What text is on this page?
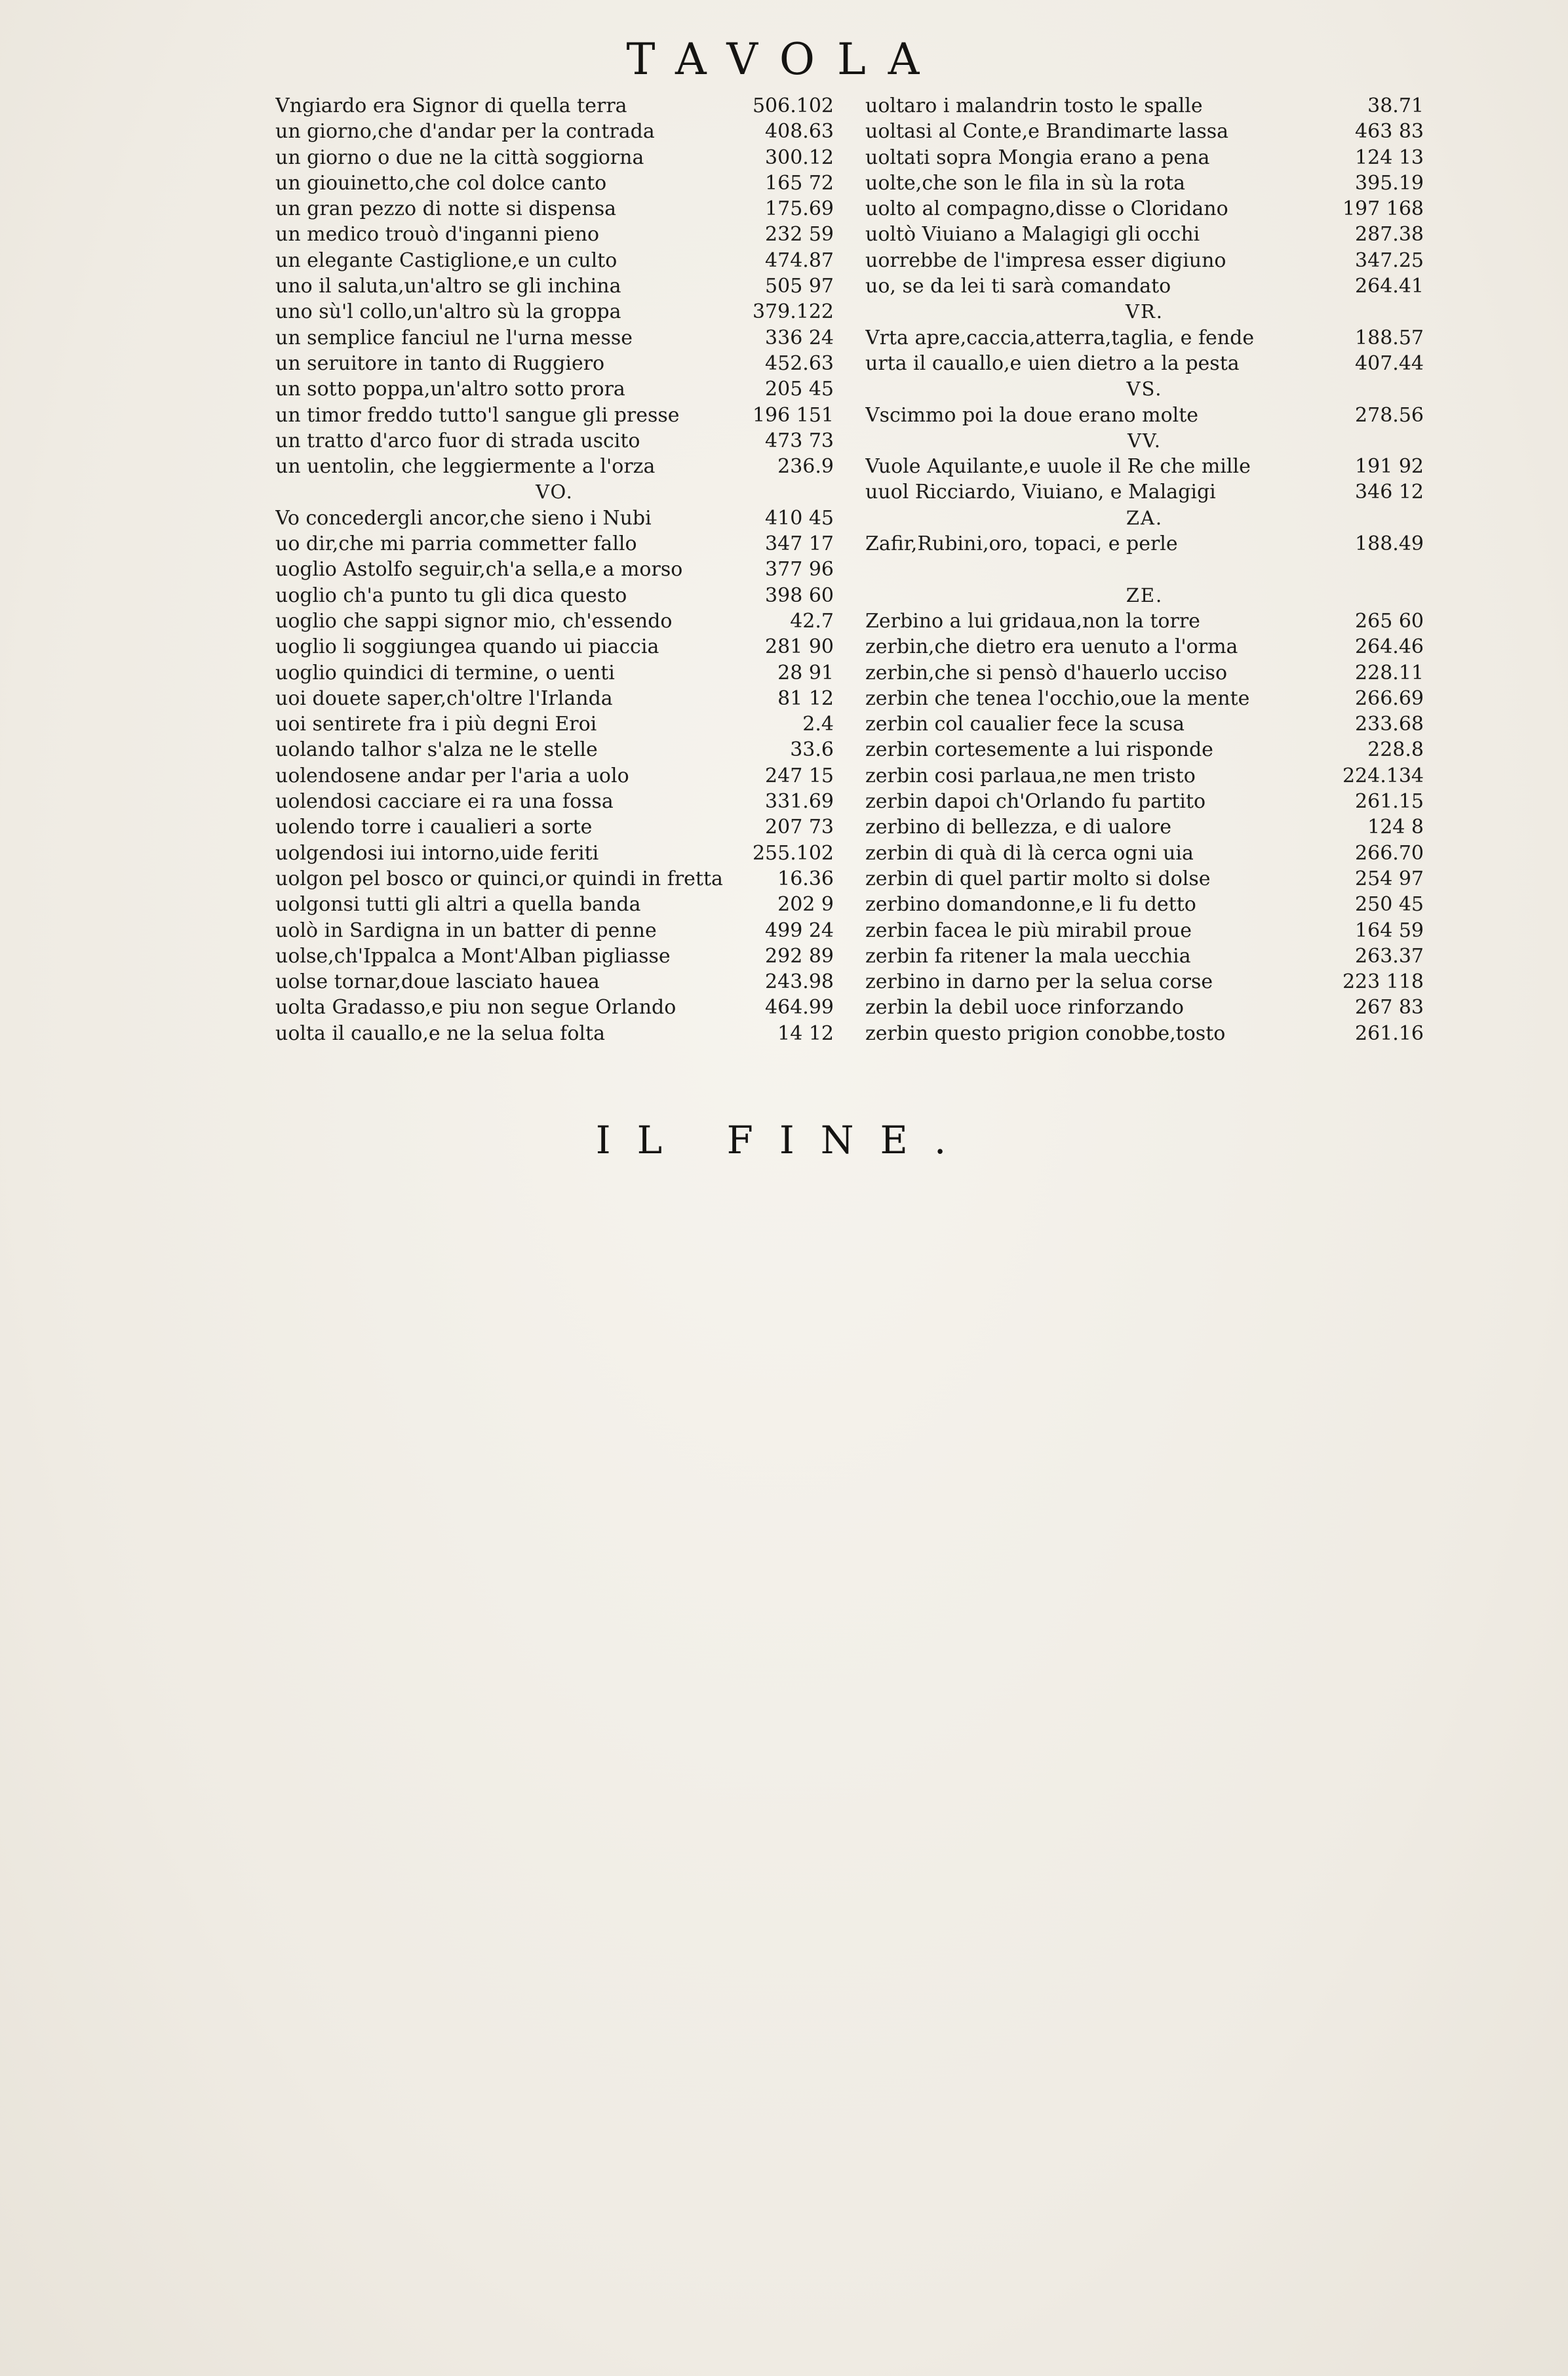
TAVOLA
Vngiardo era Signor di quella terra	506.102
un giorno,che d'andar per la contrada	408.63
un giorno o due ne la città soggiorna	300.12
un giouinetto,che col dolce canto	165 72
un gran pezzo di notte si dispensa	175.69
un medico trouò d'inganni pieno	232 59
un elegante Castiglione,e un culto	474.87
uno il saluta,un'altro se gli inchina	505 97
uno sù'l collo,un'altro sù la groppa	379.122
un semplice fanciul ne l'urna messe	336 24
un seruitore in tanto di Ruggiero	452.63
un sotto poppa,un'altro sotto prora	205 45
un timor freddo tutto'l sangue gli presse	196 151
un tratto d'arco fuor di strada uscito	473 73
un uentolin, che leggiermente a l'orza	236.9
VO.
Vo concedergli ancor,che sieno i Nubi	410 45
uo dir,che mi parria commetter fallo	347 17
uoglio Astolfo seguir,ch'a sella,e a morso	377 96
uoglio ch'a punto tu gli dica questo	398 60
uoglio che sappi signor mio, ch'essendo	42.7
uoglio li soggiungea quando ui piaccia	281 90
uoglio quindici di termine, o uenti	28 91
uoi douete saper,ch'oltre l'Irlanda	81 12
uoi sentirete fra i più degni Eroi	2.4
uolando talhor s'alza ne le stelle	33.6
uolendosene andar per l'aria a uolo	247 15
uolendosi cacciare ei ra una fossa	331.69
uolendo torre i caualieri a sorte	207 73
uolgendosi iui intorno,uide feriti	255.102
uolgon pel bosco or quinci,or quindi in fretta	16.36
uolgonsi tutti gli altri a quella banda	202 9
uolò in Sardigna in un batter di penne	499 24
uolse,ch'Ippalca a Mont'Alban pigliasse	292 89
uolse tornar,doue lasciato hauea	243.98
uolta Gradasso,e piu non segue Orlando	464.99
uolta il cauallo,e ne la selua folta	14 12
uoltaro i malandrin tosto le spalle	38.71
uoltasi al Conte,e Brandimarte lassa	463 83
uoltati sopra Mongia erano a pena	124 13
uolte,che son le fila in sù la rota	395.19
uolto al compagno,disse o Cloridano	197 168
uoltò Viuiano a Malagigi gli occhi	287.38
uorrebbe de l'impresa esser digiuno	347.25
uo, se da lei ti sarà comandato	264.41
VR.
Vrta apre,caccia,atterra,taglia, e fende	188.57
urta il cauallo,e uien dietro a la pesta	407.44
VS.
Vscimmo poi la doue erano molte	278.56
VV.
Vuole Aquilante,e uuole il Re che mille	191 92
uuol Ricciardo, Viuiano, e Malagigi	346 12
ZA.
Zafir,Rubini,oro, topaci, e perle	188.49
ZE.
Zerbino a lui gridaua,non la torre	265 60
zerbin,che dietro era uenuto a l'orma	264.46
zerbin,che si pensò d'hauerlo ucciso	228.11
zerbin che tenea l'occhio,oue la mente	266.69
zerbin col caualier fece la scusa	233.68
zerbin cortesemente a lui risponde	228.8
zerbin cosi parlaua,ne men tristo	224.134
zerbin dapoi ch'Orlando fu partito	261.15
zerbino di bellezza, e di ualore	124 8
zerbin di quà di là cerca ogni uia	266.70
zerbin di quel partir molto si dolse	254 97
zerbino domandonne,e li fu detto	250 45
zerbin facea le più mirabil proue	164 59
zerbin fa ritener la mala uecchia	263.37
zerbino in darno per la selua corse	223 118
zerbin la debil uoce rinforzando	267 83
zerbin questo prigion conobbe,tosto	261.16
IL FINE.
